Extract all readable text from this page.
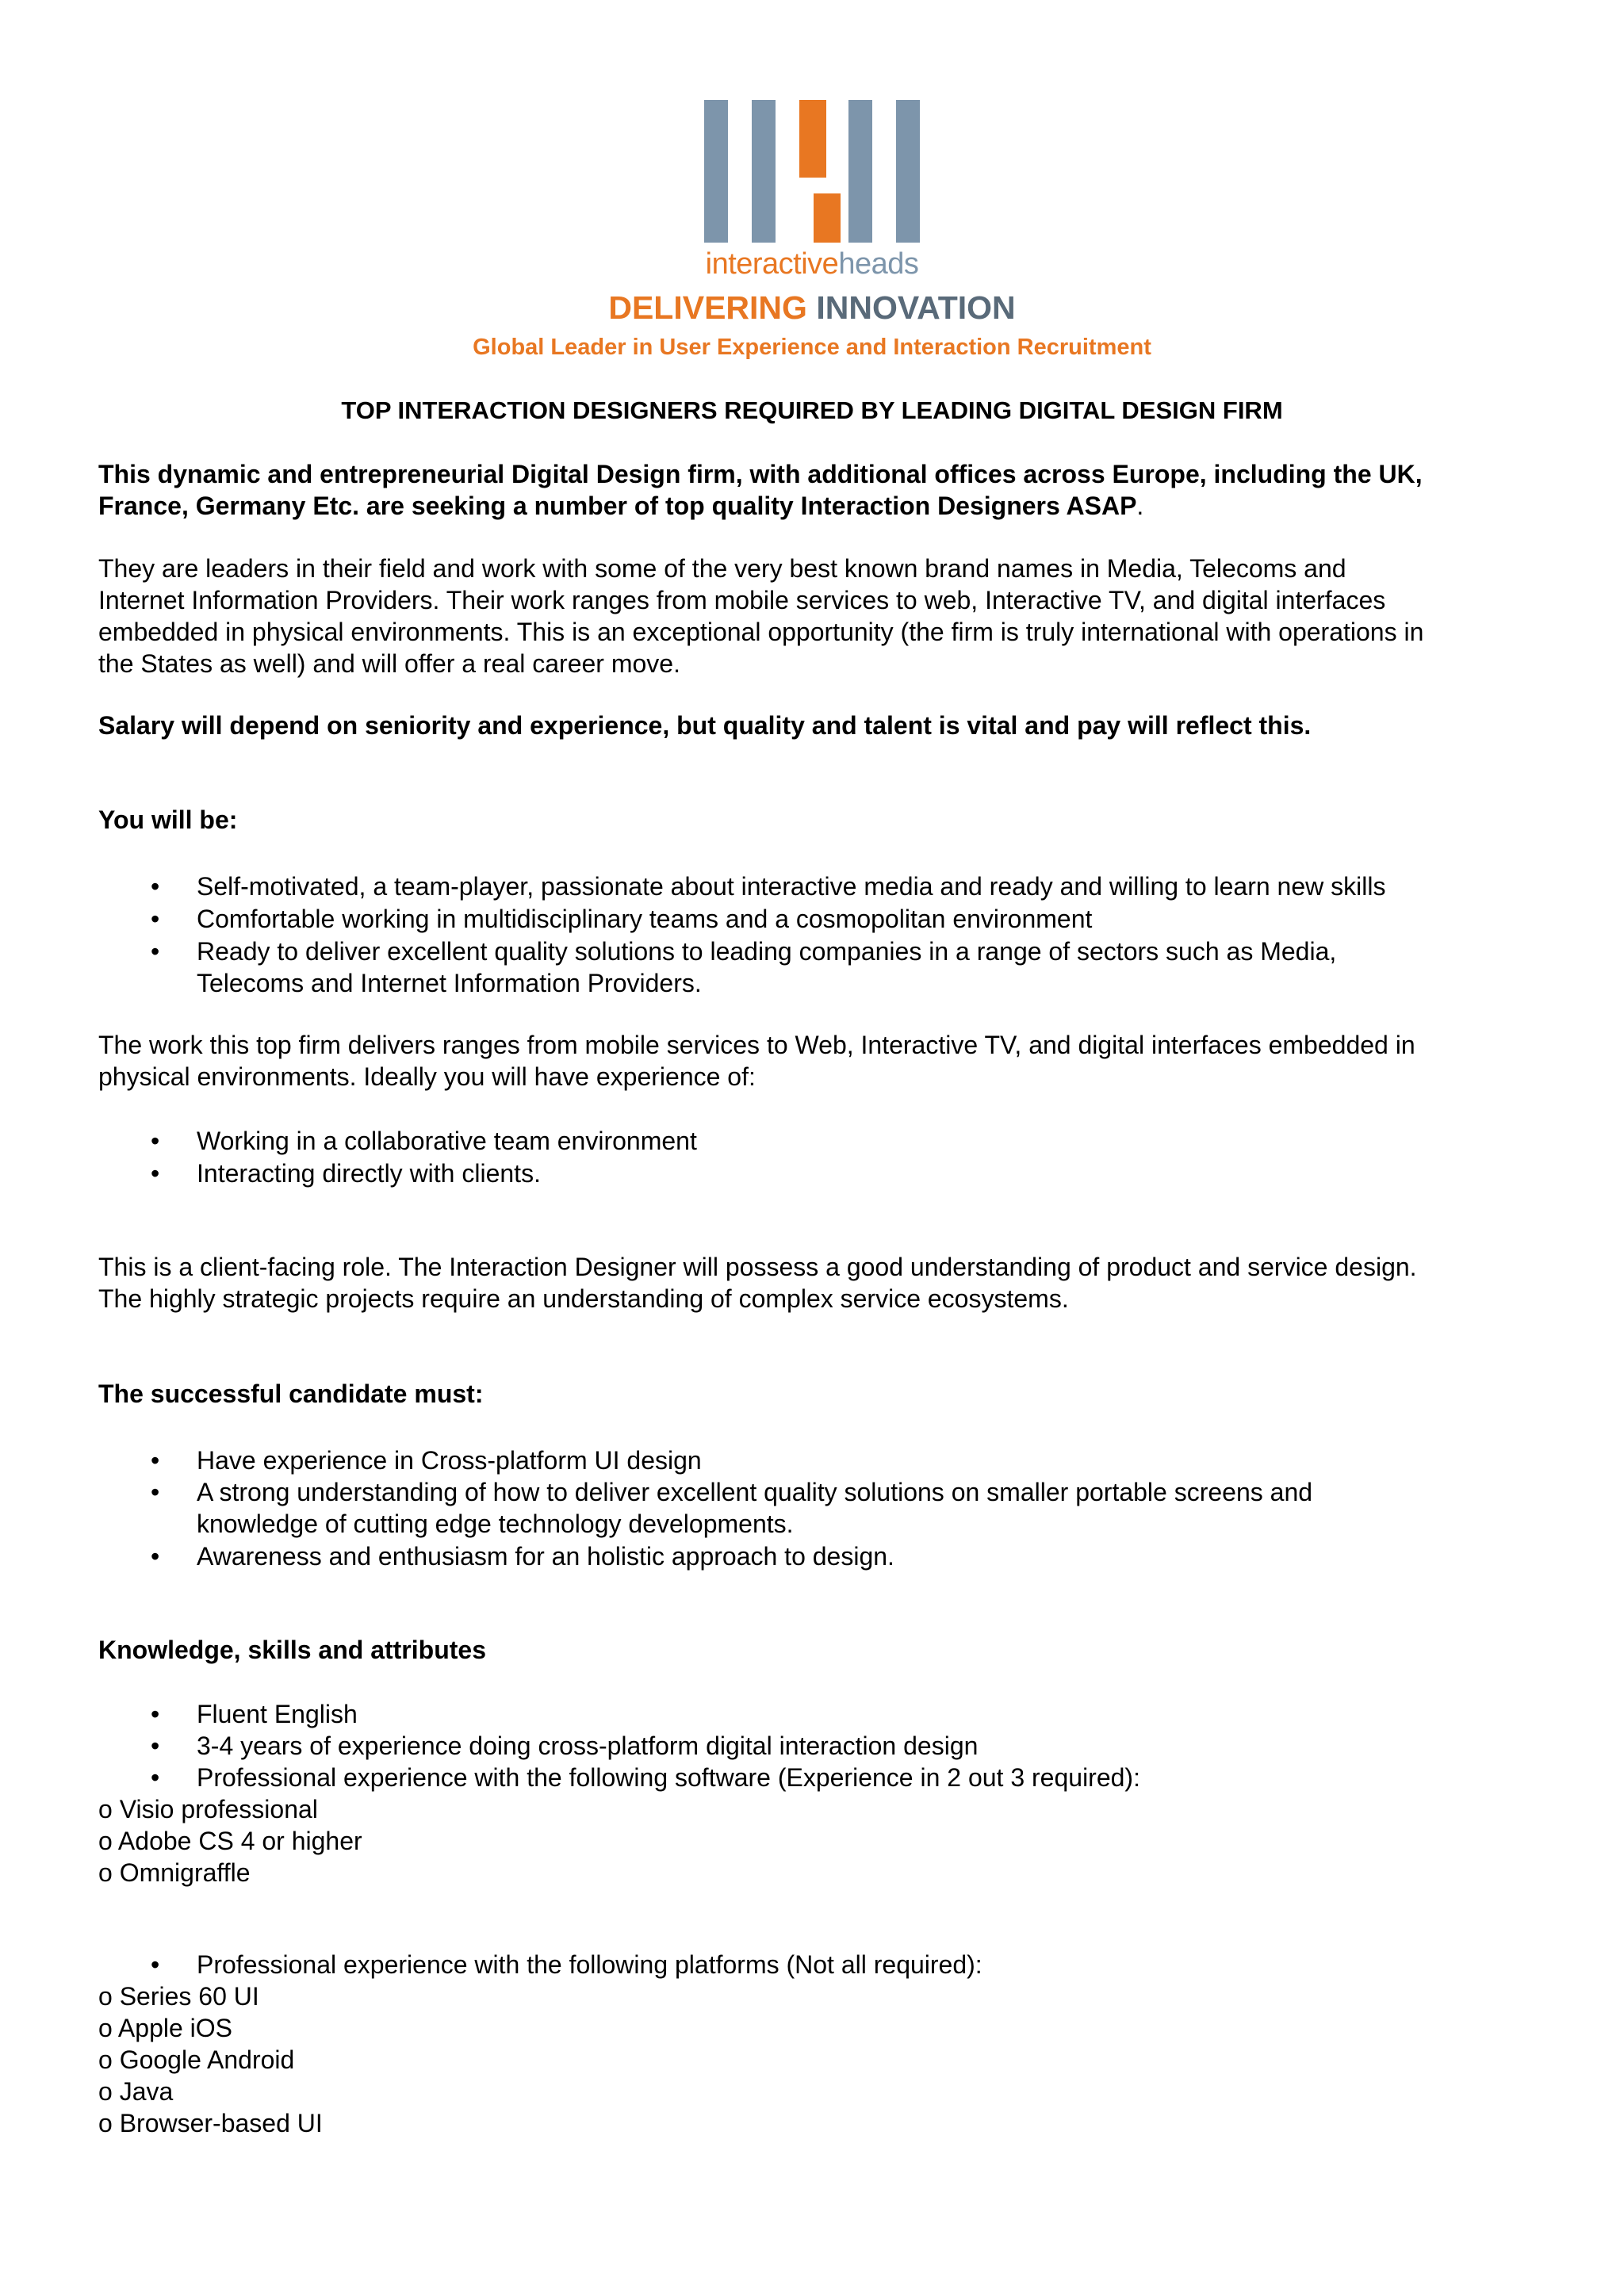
interactiveheads
DELIVERING INNOVATION
Global Leader in User Experience and Interaction Recruitment
TOP INTERACTION DESIGNERS REQUIRED BY LEADING DIGITAL DESIGN FIRM
This dynamic and entrepreneurial Digital Design firm, with additional offices across Europe, including the UK,
France, Germany Etc. are seeking a number of top quality Interaction Designers ASAP.
They are leaders in their field and work with some of the very best known brand names in Media, Telecoms and
Internet Information Providers. Their work ranges from mobile services to web, Interactive TV, and digital interfaces
embedded in physical environments. This is an exceptional opportunity (the firm is truly international with operations in
the States as well) and will offer a real career move.
Salary will depend on seniority and experience, but quality and talent is vital and pay will reflect this.
You will be:
• Self-motivated, a team-player, passionate about interactive media and ready and willing to learn new skills
• Comfortable working in multidisciplinary teams and a cosmopolitan environment
• Ready to deliver excellent quality solutions to leading companies in a range of sectors such as Media,
Telecoms and Internet Information Providers.
The work this top firm delivers ranges from mobile services to Web, Interactive TV, and digital interfaces embedded in
physical environments. Ideally you will have experience of:
• Working in a collaborative team environment
• Interacting directly with clients.
This is a client-facing role. The Interaction Designer will possess a good understanding of product and service design.
The highly strategic projects require an understanding of complex service ecosystems.
The successful candidate must:
• Have experience in Cross-platform UI design
• A strong understanding of how to deliver excellent quality solutions on smaller portable screens and
knowledge of cutting edge technology developments.
• Awareness and enthusiasm for an holistic approach to design.
Knowledge, skills and attributes
• Fluent English
• 3-4 years of experience doing cross-platform digital interaction design
• Professional experience with the following software (Experience in 2 out 3 required):
o Visio professional
o Adobe CS 4 or higher
o Omnigraffle
• Professional experience with the following platforms (Not all required):
o Series 60 UI
o Apple iOS
o Google Android
o Java
o Browser-based UI
